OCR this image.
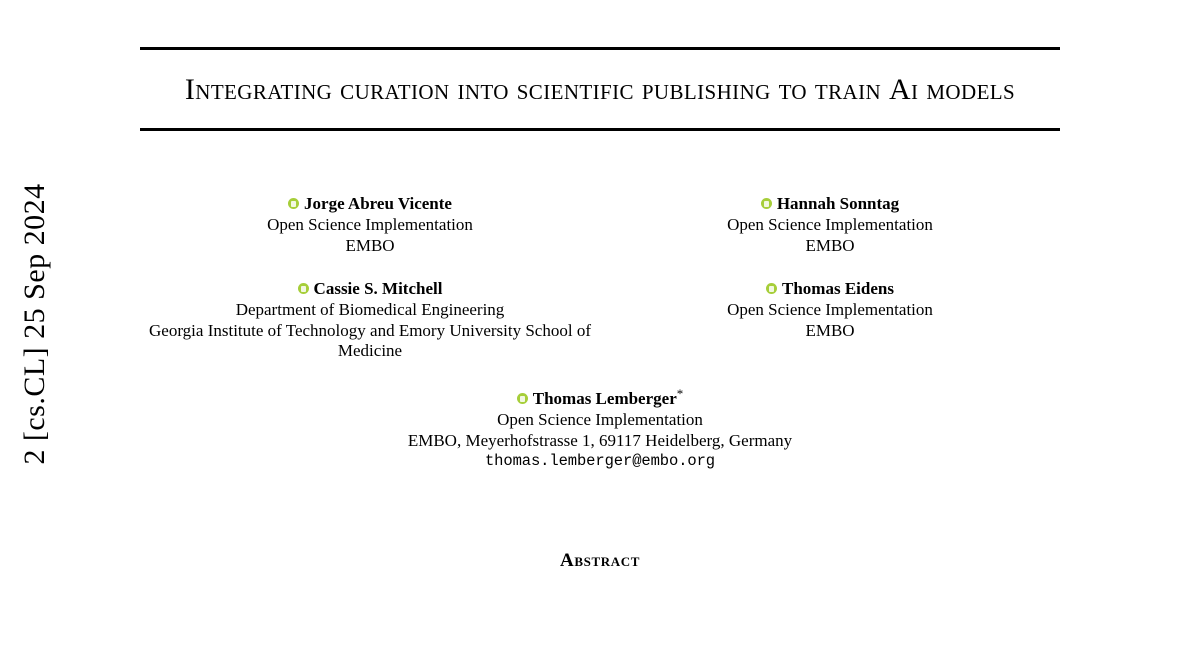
2 [cs.CL] 25 Sep 2024
Integrating curation into scientific publishing to train Ai models
Jorge Abreu Vicente
Open Science Implementation
EMBO
Hannah Sonntag
Open Science Implementation
EMBO
Cassie S. Mitchell
Department of Biomedical Engineering
Georgia Institute of Technology and Emory University School of Medicine
Thomas Eidens
Open Science Implementation
EMBO
Thomas Lemberger*
Open Science Implementation
EMBO, Meyerhofstrasse 1, 69117 Heidelberg, Germany
thomas.lemberger@embo.org
Abstract
